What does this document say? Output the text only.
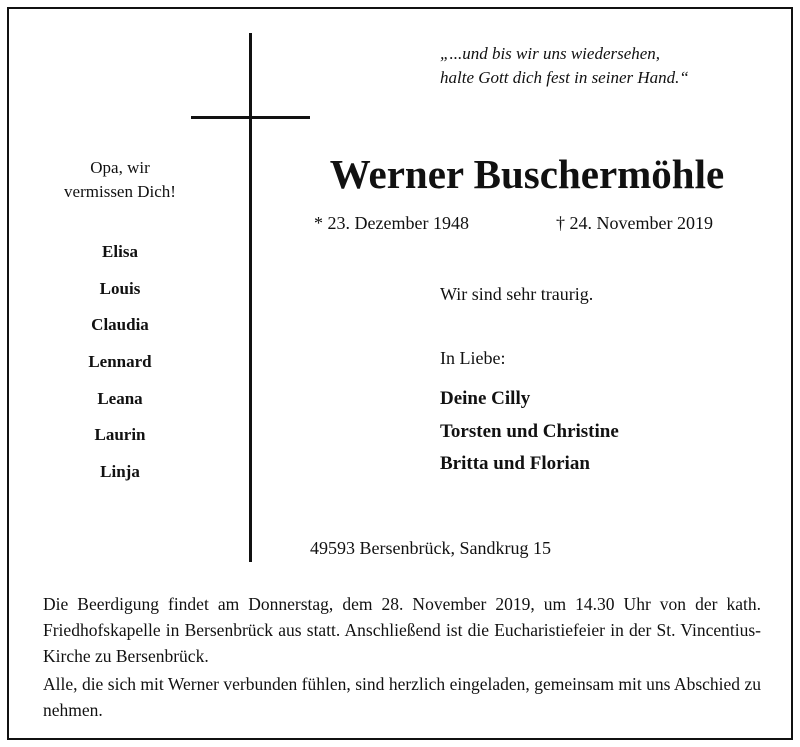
„...und bis wir uns wiedersehen,
halte Gott dich fest in seiner Hand.“
Opa, wir
vermissen Dich!
Elisa
Louis
Claudia
Lennard
Leana
Laurin
Linja
Werner Buschermöhle
* 23. Dezember 1948	† 24. November 2019
Wir sind sehr traurig.
In Liebe:
Deine Cilly
Torsten und Christine
Britta und Florian
49593 Bersenbrück, Sandkrug 15
Die Beerdigung findet am Donnerstag, dem 28. November 2019, um 14.30 Uhr von der kath. Friedhofskapelle in Bersenbrück aus statt. Anschließend ist die Eucharistiefeier in der St. Vincentius-Kirche zu Bersenbrück.
Alle, die sich mit Werner verbunden fühlen, sind herzlich eingeladen, gemeinsam mit uns Abschied zu nehmen.
